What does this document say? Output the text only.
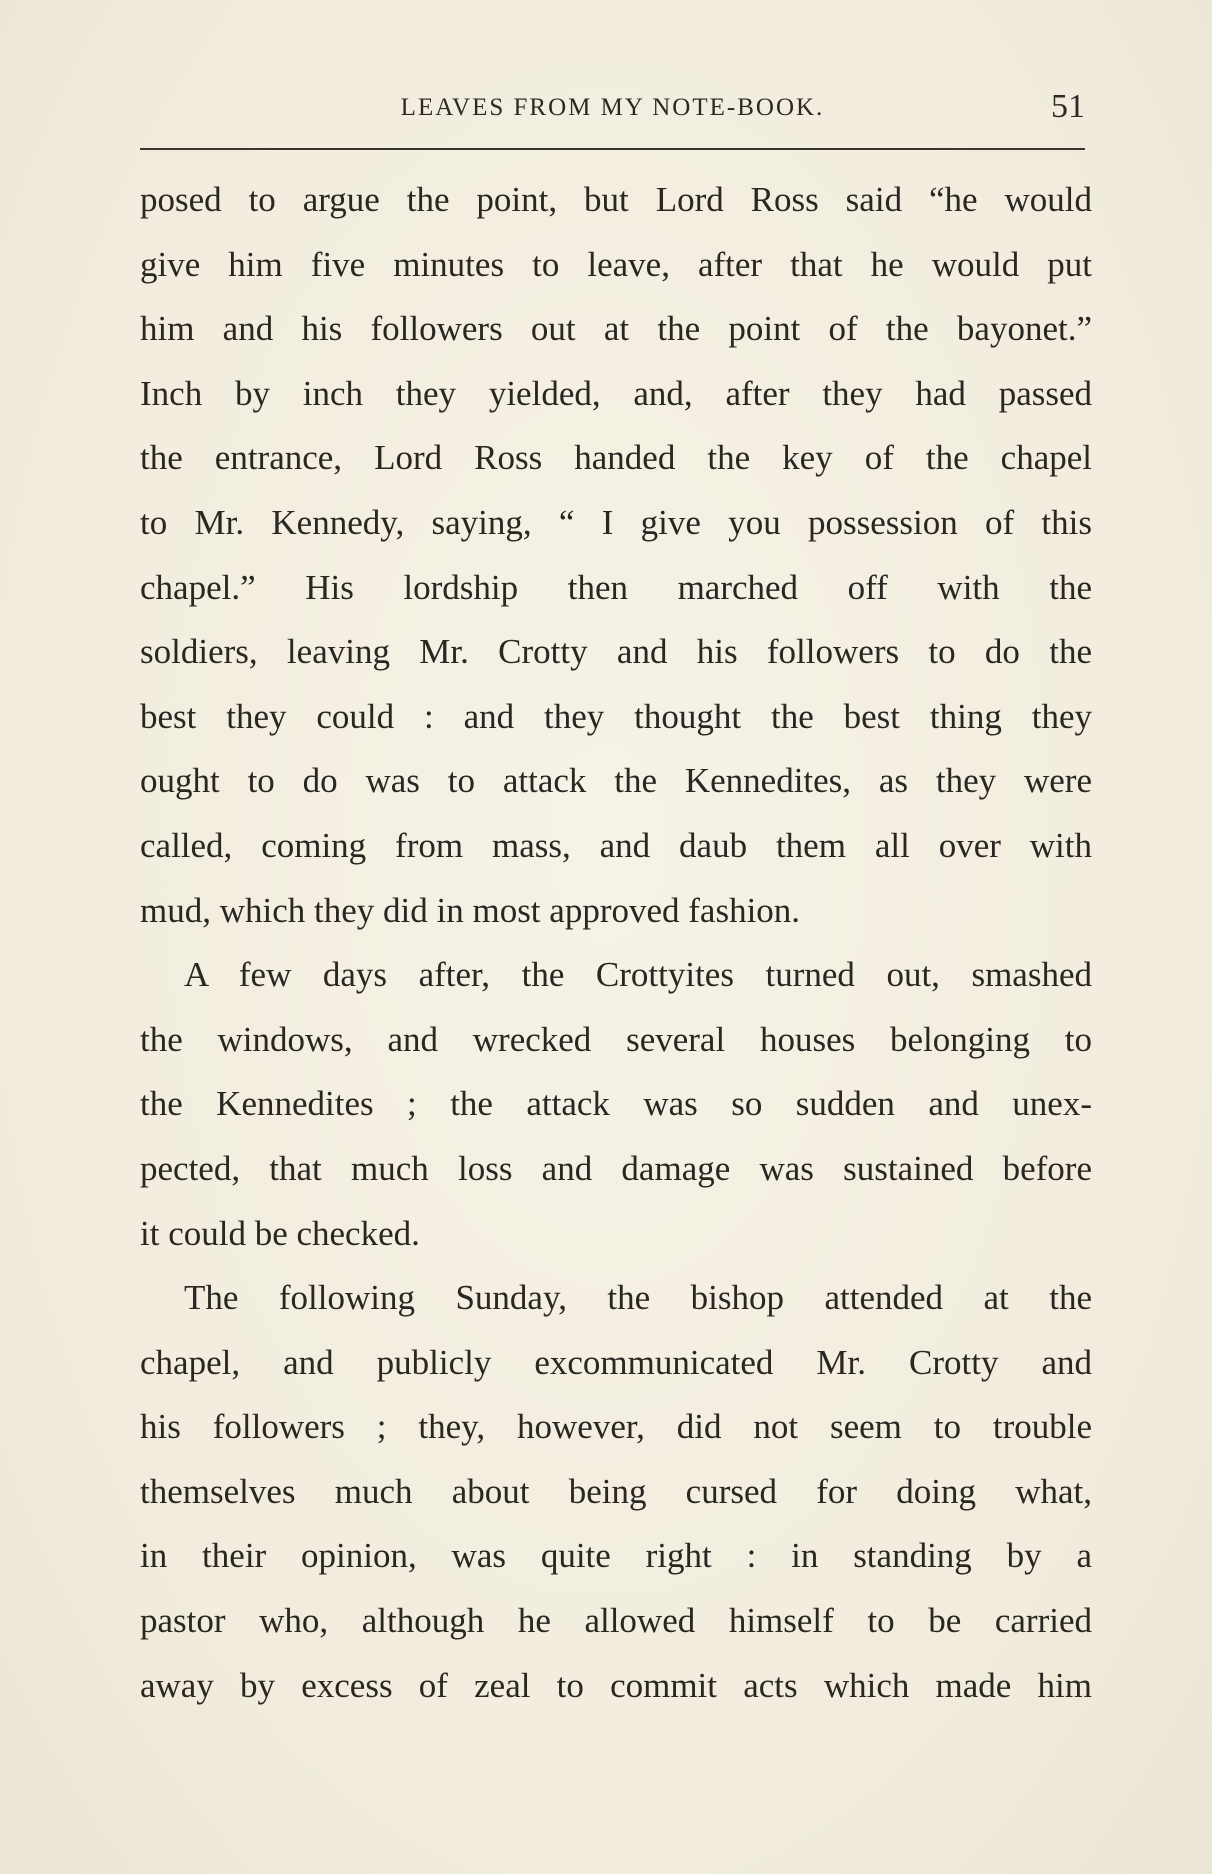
LEAVES FROM MY NOTE-BOOK.	51
posed to argue the point, but Lord Ross said “he would
give him five minutes to leave, after that he would put
him and his followers out at the point of the bayonet.”
Inch by inch they yielded, and, after they had passed
the entrance, Lord Ross handed the key of the chapel
to Mr. Kennedy, saying, “ I give you possession of this
chapel.” His lordship then marched off with the
soldiers, leaving Mr. Crotty and his followers to do the
best they could : and they thought the best thing they
ought to do was to attack the Kennedites, as they were
called, coming from mass, and daub them all over with
mud, which they did in most approved fashion.
A few days after, the Crottyites turned out, smashed
the windows, and wrecked several houses belonging to
the Kennedites ; the attack was so sudden and unex-
pected, that much loss and damage was sustained before
it could be checked.
The following Sunday, the bishop attended at the
chapel, and publicly excommunicated Mr. Crotty and
his followers ; they, however, did not seem to trouble
themselves much about being cursed for doing what,
in their opinion, was quite right : in standing by a
pastor who, although he allowed himself to be carried
away by excess of zeal to commit acts which made him
